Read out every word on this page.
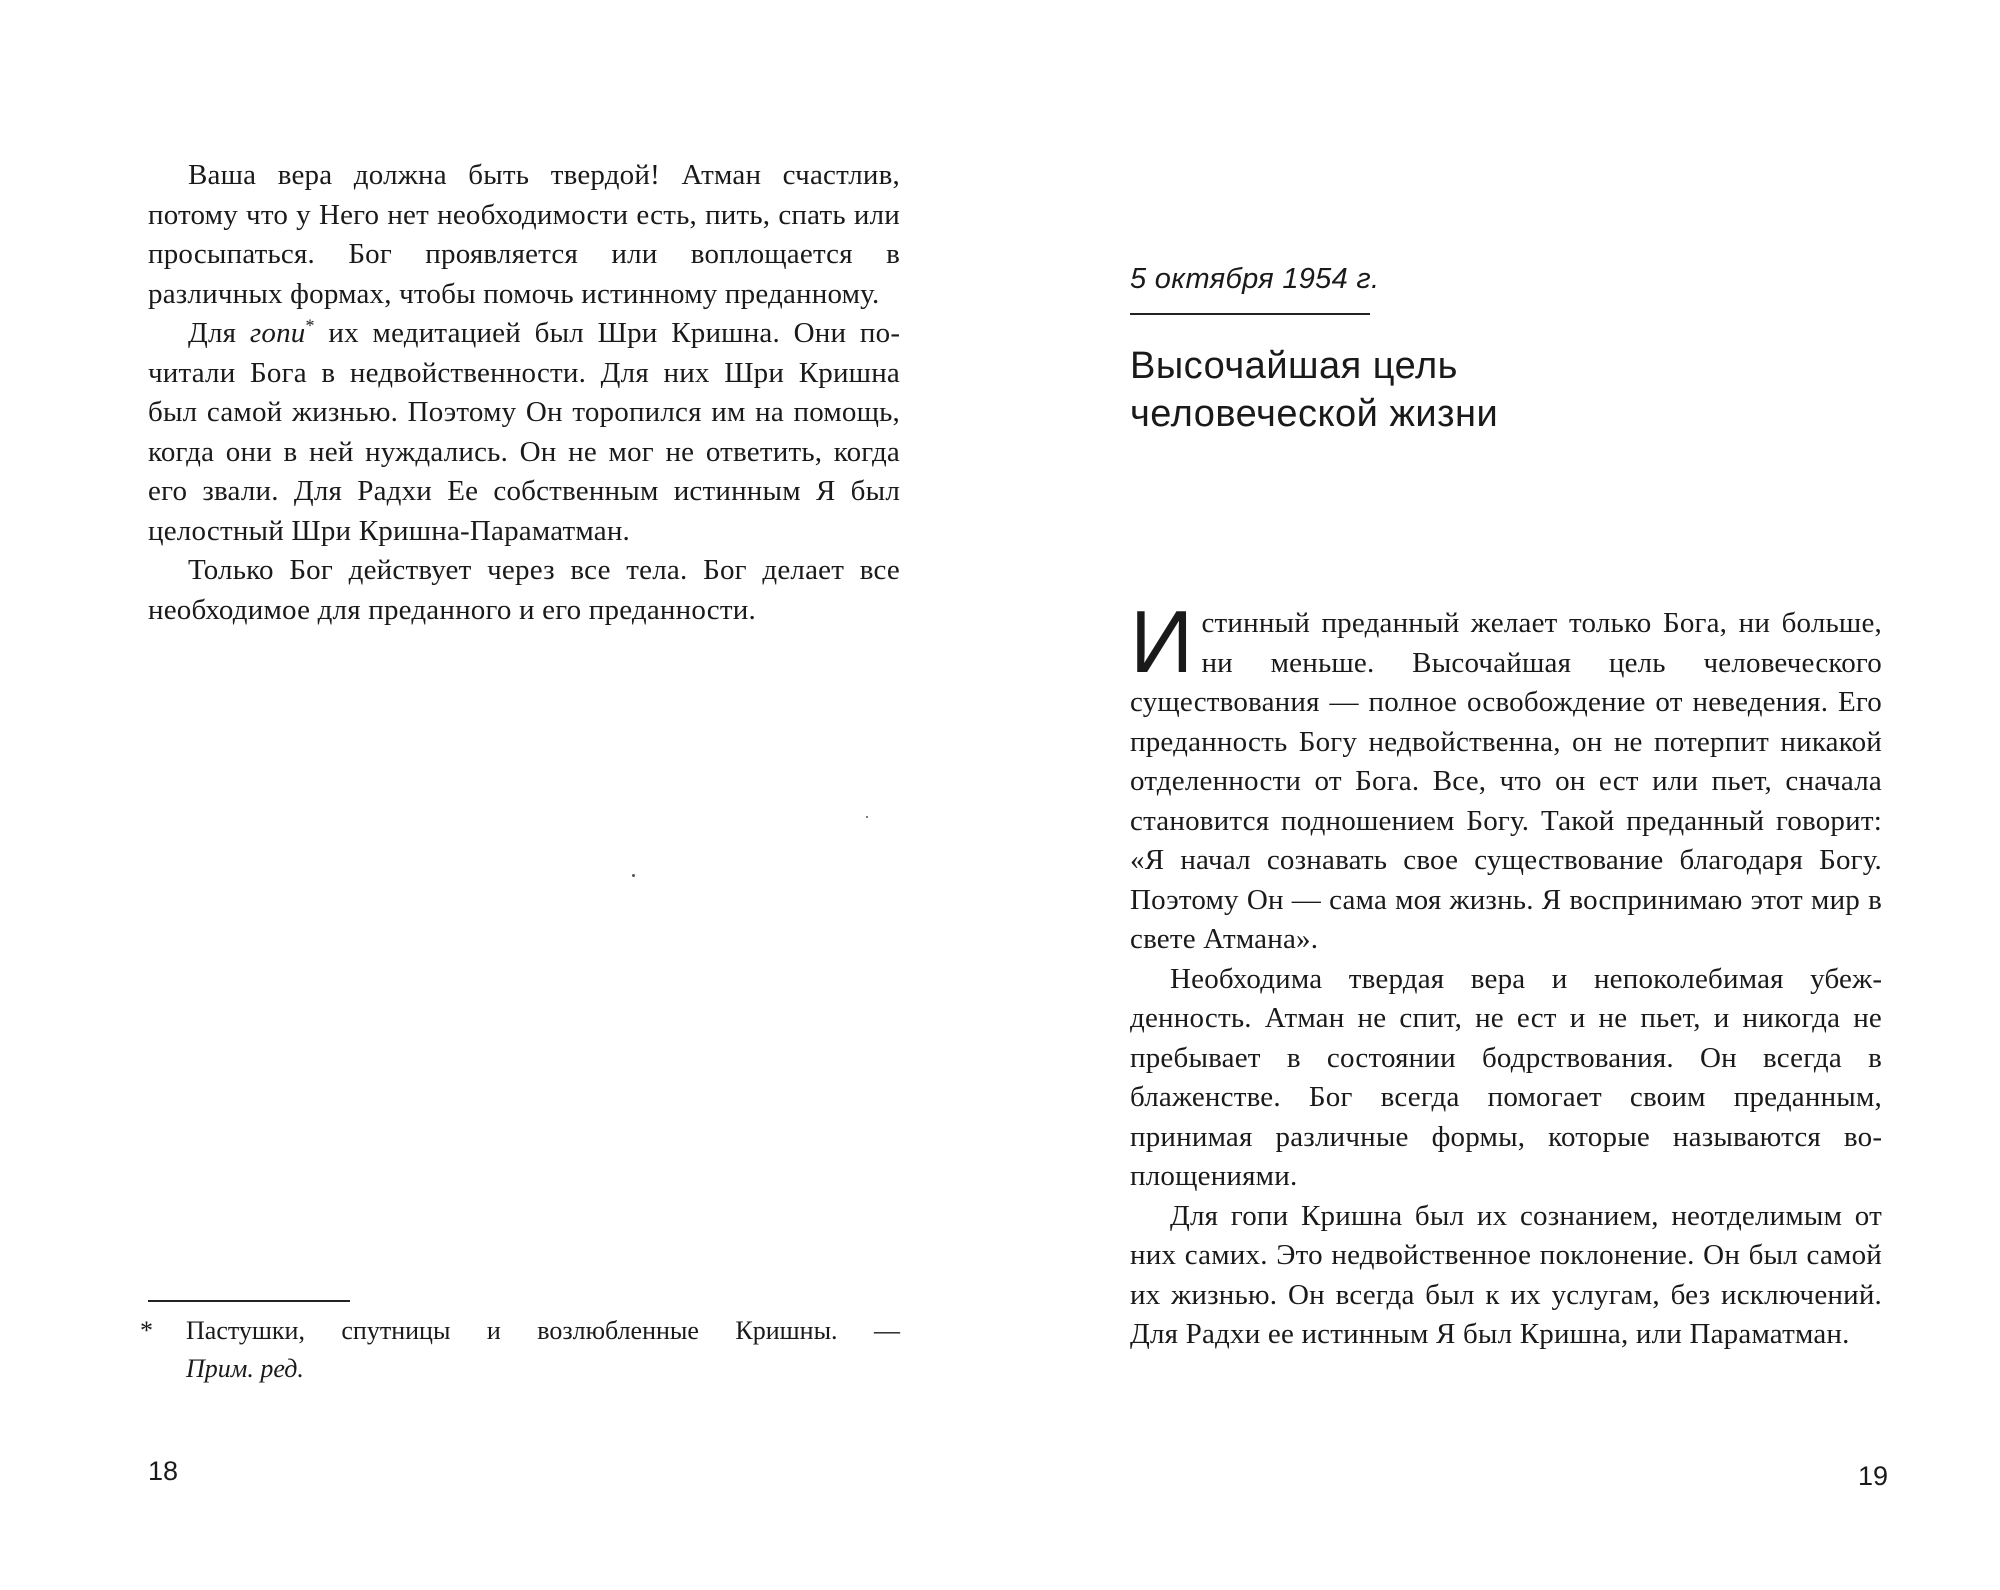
Ваша вера должна быть твердой! Атман счастлив, потому что у Него нет необходимости есть, пить, спать или просыпаться. Бог проявляется или воплощается в различных формах, чтобы помочь истинному преданному.

Для гопи* их медитацией был Шри Кришна. Они почитали Бога в недвойственности. Для них Шри Кришна был самой жизнью. Поэтому Он торопился им на помощь, когда они в ней нуждались. Он не мог не ответить, когда его звали. Для Радхи Ее собственным истинным Я был целостный Шри Кришна-Параматман.

Только Бог действует через все тела. Бог делает все необходимое для преданного и его преданности.

* Пастушки, спутницы и возлюбленные Кришны. —
Прим. ред.
18
5 октября 1954 г.
Высочайшая цель
человеческой жизни

Истинный преданный желает только Бога, ни больше, ни меньше. Высочайшая цель человеческого существования — полное освобождение от неведения. Его преданность Богу недвойственна, он не потерпит никакой отделенности от Бога. Все, что он ест или пьет, сначала становится подношением Богу. Такой преданный говорит: «Я начал сознавать свое существование благодаря Богу. Поэтому Он — сама моя жизнь. Я воспринимаю этот мир в свете Атмана».

Необходима твердая вера и непоколебимая убежденность. Атман не спит, не ест и не пьет, и никогда не пребывает в состоянии бодрствования. Он всегда в блаженстве. Бог всегда помогает своим преданным, принимая различные формы, которые называются воплощениями.

Для гопи Кришна был их сознанием, неотделимым от них самих. Это недвойственное поклонение. Он был самой их жизнью. Он всегда был к их услугам, без исключений. Для Радхи ее истинным Я был Кришна, или Параматман.

19
